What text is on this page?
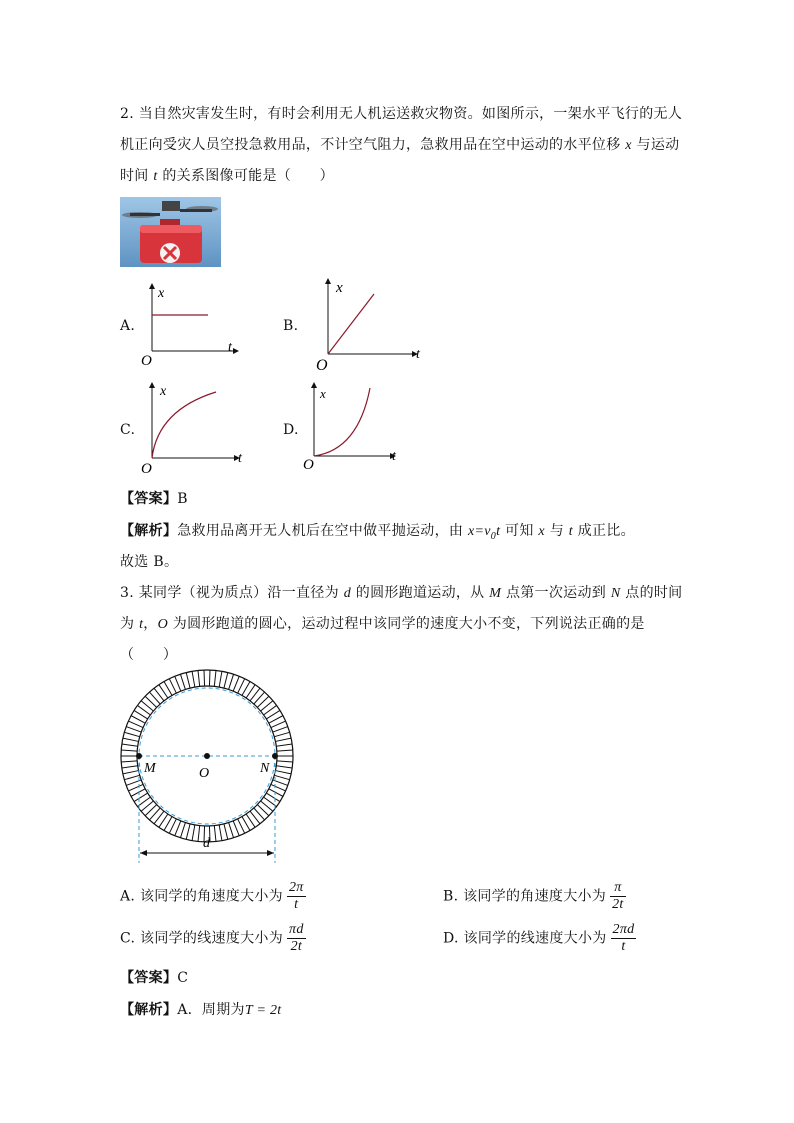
2. 当自然灾害发生时，有时会利用无人机运送救灾物资。如图所示，一架水平飞行的无人
机正向受灾人员空投急救用品，不计空气阻力，急救用品在空中运动的水平位移 x 与运动
时间 t 的关系图像可能是（　　）
A.
x
t
O
B.
x
t
O
C.
x
t
O
D.
x
t
O
【答案】B
【解析】急救用品离开无人机后在空中做平抛运动，由 $x=v_0t$ 可知 x 与 t 成正比。
故选 B。
3. 某同学（视为质点）沿一直径为 d 的圆形跑道运动，从 M 点第一次运动到 N 点的时间
为 t，O 为圆形跑道的圆心，运动过程中该同学的速度大小不变，下列说法正确的是
（　　）
M	O	N
d
A. 该同学的角速度大小为 $\frac{2\pi}{t}$	B. 该同学的角速度大小为 $\frac{\pi}{2t}$
C. 该同学的线速度大小为 $\frac{\pi d}{2t}$	D. 该同学的线速度大小为 $\frac{2\pi d}{t}$
【答案】C
【解析】A．周期为T = 2t
